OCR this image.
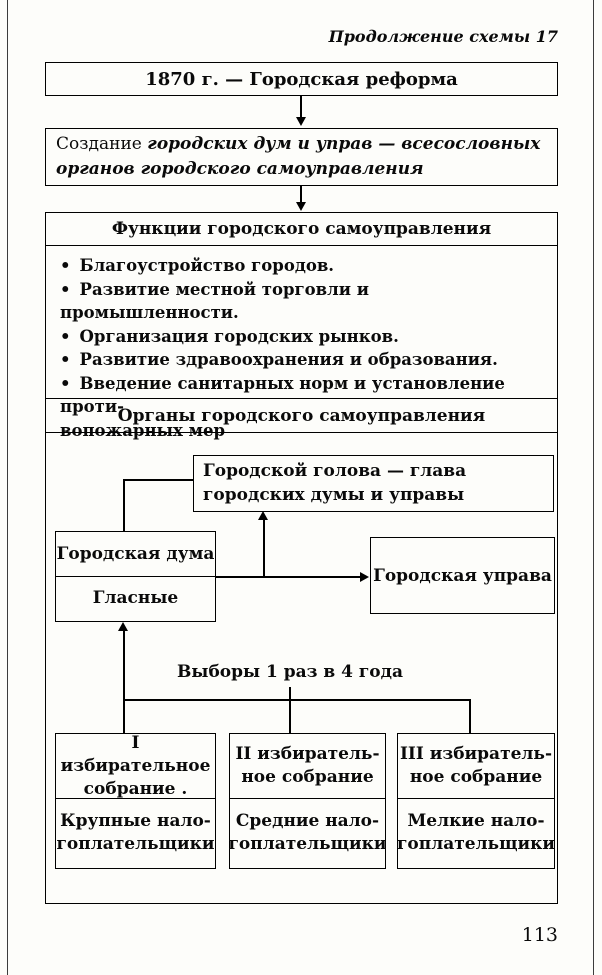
Продолжение схемы 17
1870 г. — Городская реформа
Создание городских дум и управ — всесословных
органов городского самоуправления
Функции городского самоуправления
• Благоустройство городов.
• Развитие местной торговли и промышленности.
• Организация городских рынков.
• Развитие здравоохранения и образования.
• Введение санитарных норм и установление проти-
вопожарных мер
Органы городского самоуправления
Городской голова — глава городских думы и управы
Городская дума
Гласные
Городская управа
Выборы 1 раз в 4 года
I избирательное
собрание .
Крупные нало-
гоплательщики
II избиратель-
ное собрание
Средние нало-
гоплательщики
III избиратель-
ное собрание
Мелкие нало-
гоплательщики
113
